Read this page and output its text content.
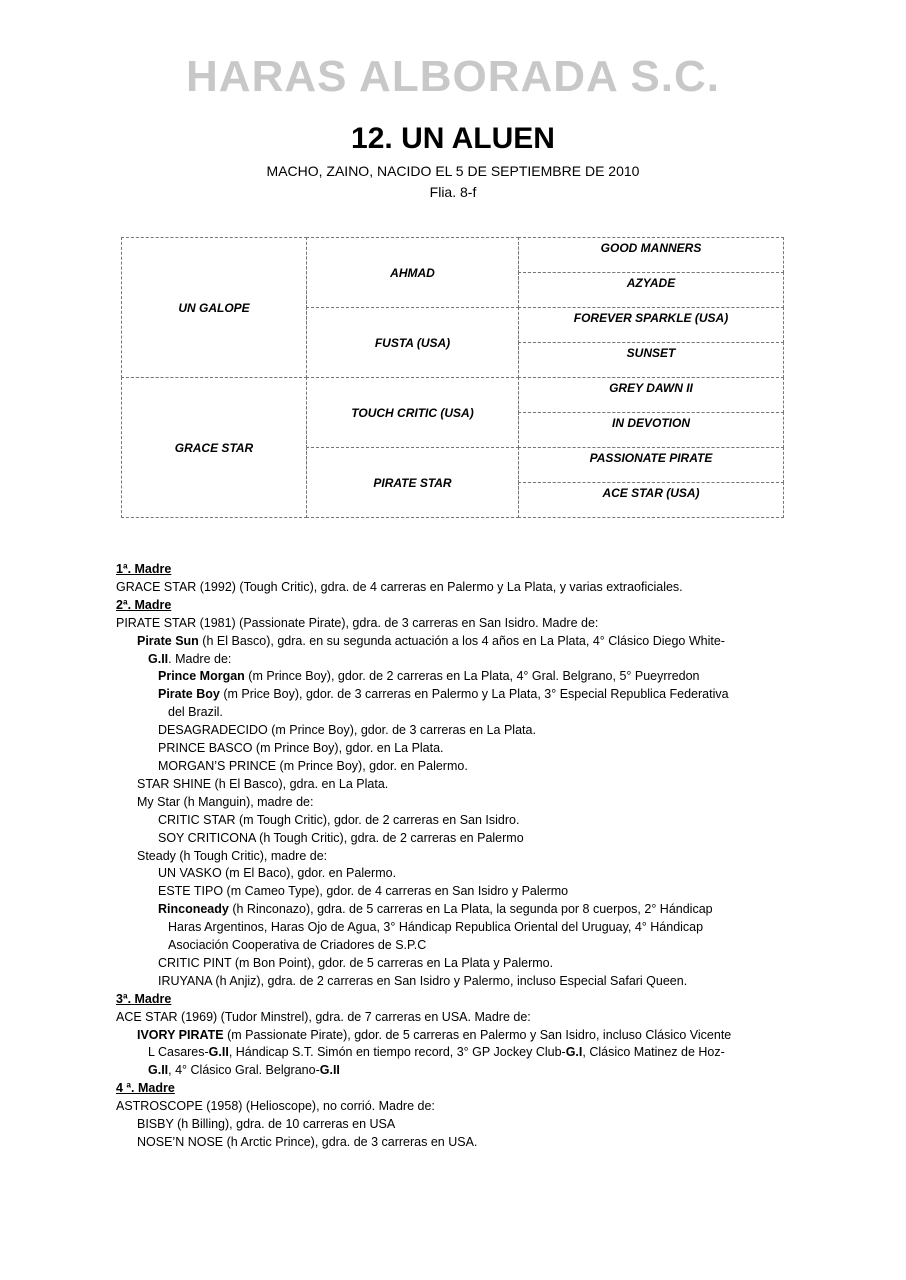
HARAS ALBORADA S.C.
12. UN ALUEN
MACHO, ZAINO, NACIDO EL 5 DE SEPTIEMBRE DE 2010
Flia. 8-f
UN GALOPE
GRACE STAR
AHMAD
FUSTA (USA)
TOUCH CRITIC (USA)
PIRATE STAR
GOOD MANNERS
AZYADE
FOREVER SPARKLE (USA)
SUNSET
GREY DAWN II
IN DEVOTION
PASSIONATE PIRATE
ACE STAR (USA)
1ª. Madre
GRACE STAR (1992) (Tough Critic), gdra. de 4 carreras en Palermo y La Plata, y varias extraoficiales.
2ª. Madre
PIRATE STAR (1981) (Passionate Pirate), gdra. de 3 carreras en San Isidro. Madre de:
Pirate Sun (h El Basco), gdra. en su segunda actuación a los 4 años en La Plata, 4° Clásico Diego White-
G.II. Madre de:
Prince Morgan (m Prince Boy), gdor. de 2 carreras en La Plata, 4° Gral. Belgrano, 5° Pueyrredon
Pirate Boy (m Price Boy), gdor. de 3 carreras en Palermo y La Plata, 3° Especial Republica Federativa
del Brazil.
DESAGRADECIDO (m Prince Boy), gdor. de 3 carreras en La Plata.
PRINCE BASCO (m Prince Boy), gdor. en La Plata.
MORGAN’S PRINCE (m Prince Boy), gdor. en Palermo.
STAR SHINE (h El Basco), gdra. en La Plata.
My Star (h Manguin), madre de:
CRITIC STAR (m Tough Critic), gdor. de 2 carreras en San Isidro.
SOY CRITICONA (h Tough Critic), gdra. de 2 carreras en Palermo
Steady (h Tough Critic), madre de:
UN VASKO (m El Baco), gdor. en Palermo.
ESTE TIPO (m Cameo Type), gdor. de 4 carreras en San Isidro y Palermo
Rinconeady (h Rinconazo), gdra. de 5 carreras en La Plata, la segunda por 8 cuerpos, 2° Hándicap
Haras Argentinos, Haras Ojo de Agua, 3° Hándicap Republica Oriental del Uruguay, 4° Hándicap
Asociación Cooperativa de Criadores de S.P.C
CRITIC PINT (m Bon Point), gdor. de 5 carreras en La Plata y Palermo.
IRUYANA (h Anjiz), gdra. de 2 carreras en San Isidro y Palermo, incluso Especial Safari Queen.
3ª. Madre
ACE STAR (1969) (Tudor Minstrel), gdra. de 7 carreras en USA. Madre de:
IVORY PIRATE (m Passionate Pirate), gdor. de 5 carreras en Palermo y San Isidro, incluso Clásico Vicente
L Casares-G.II, Hándicap S.T. Simón en tiempo record, 3° GP Jockey Club-G.I, Clásico Matinez de Hoz-
G.II, 4° Clásico Gral. Belgrano-G.II
4 ª. Madre
ASTROSCOPE (1958) (Helioscope), no corrió. Madre de:
BISBY (h Billing), gdra. de 10 carreras en USA
NOSE’N NOSE (h Arctic Prince), gdra. de 3 carreras en USA.
